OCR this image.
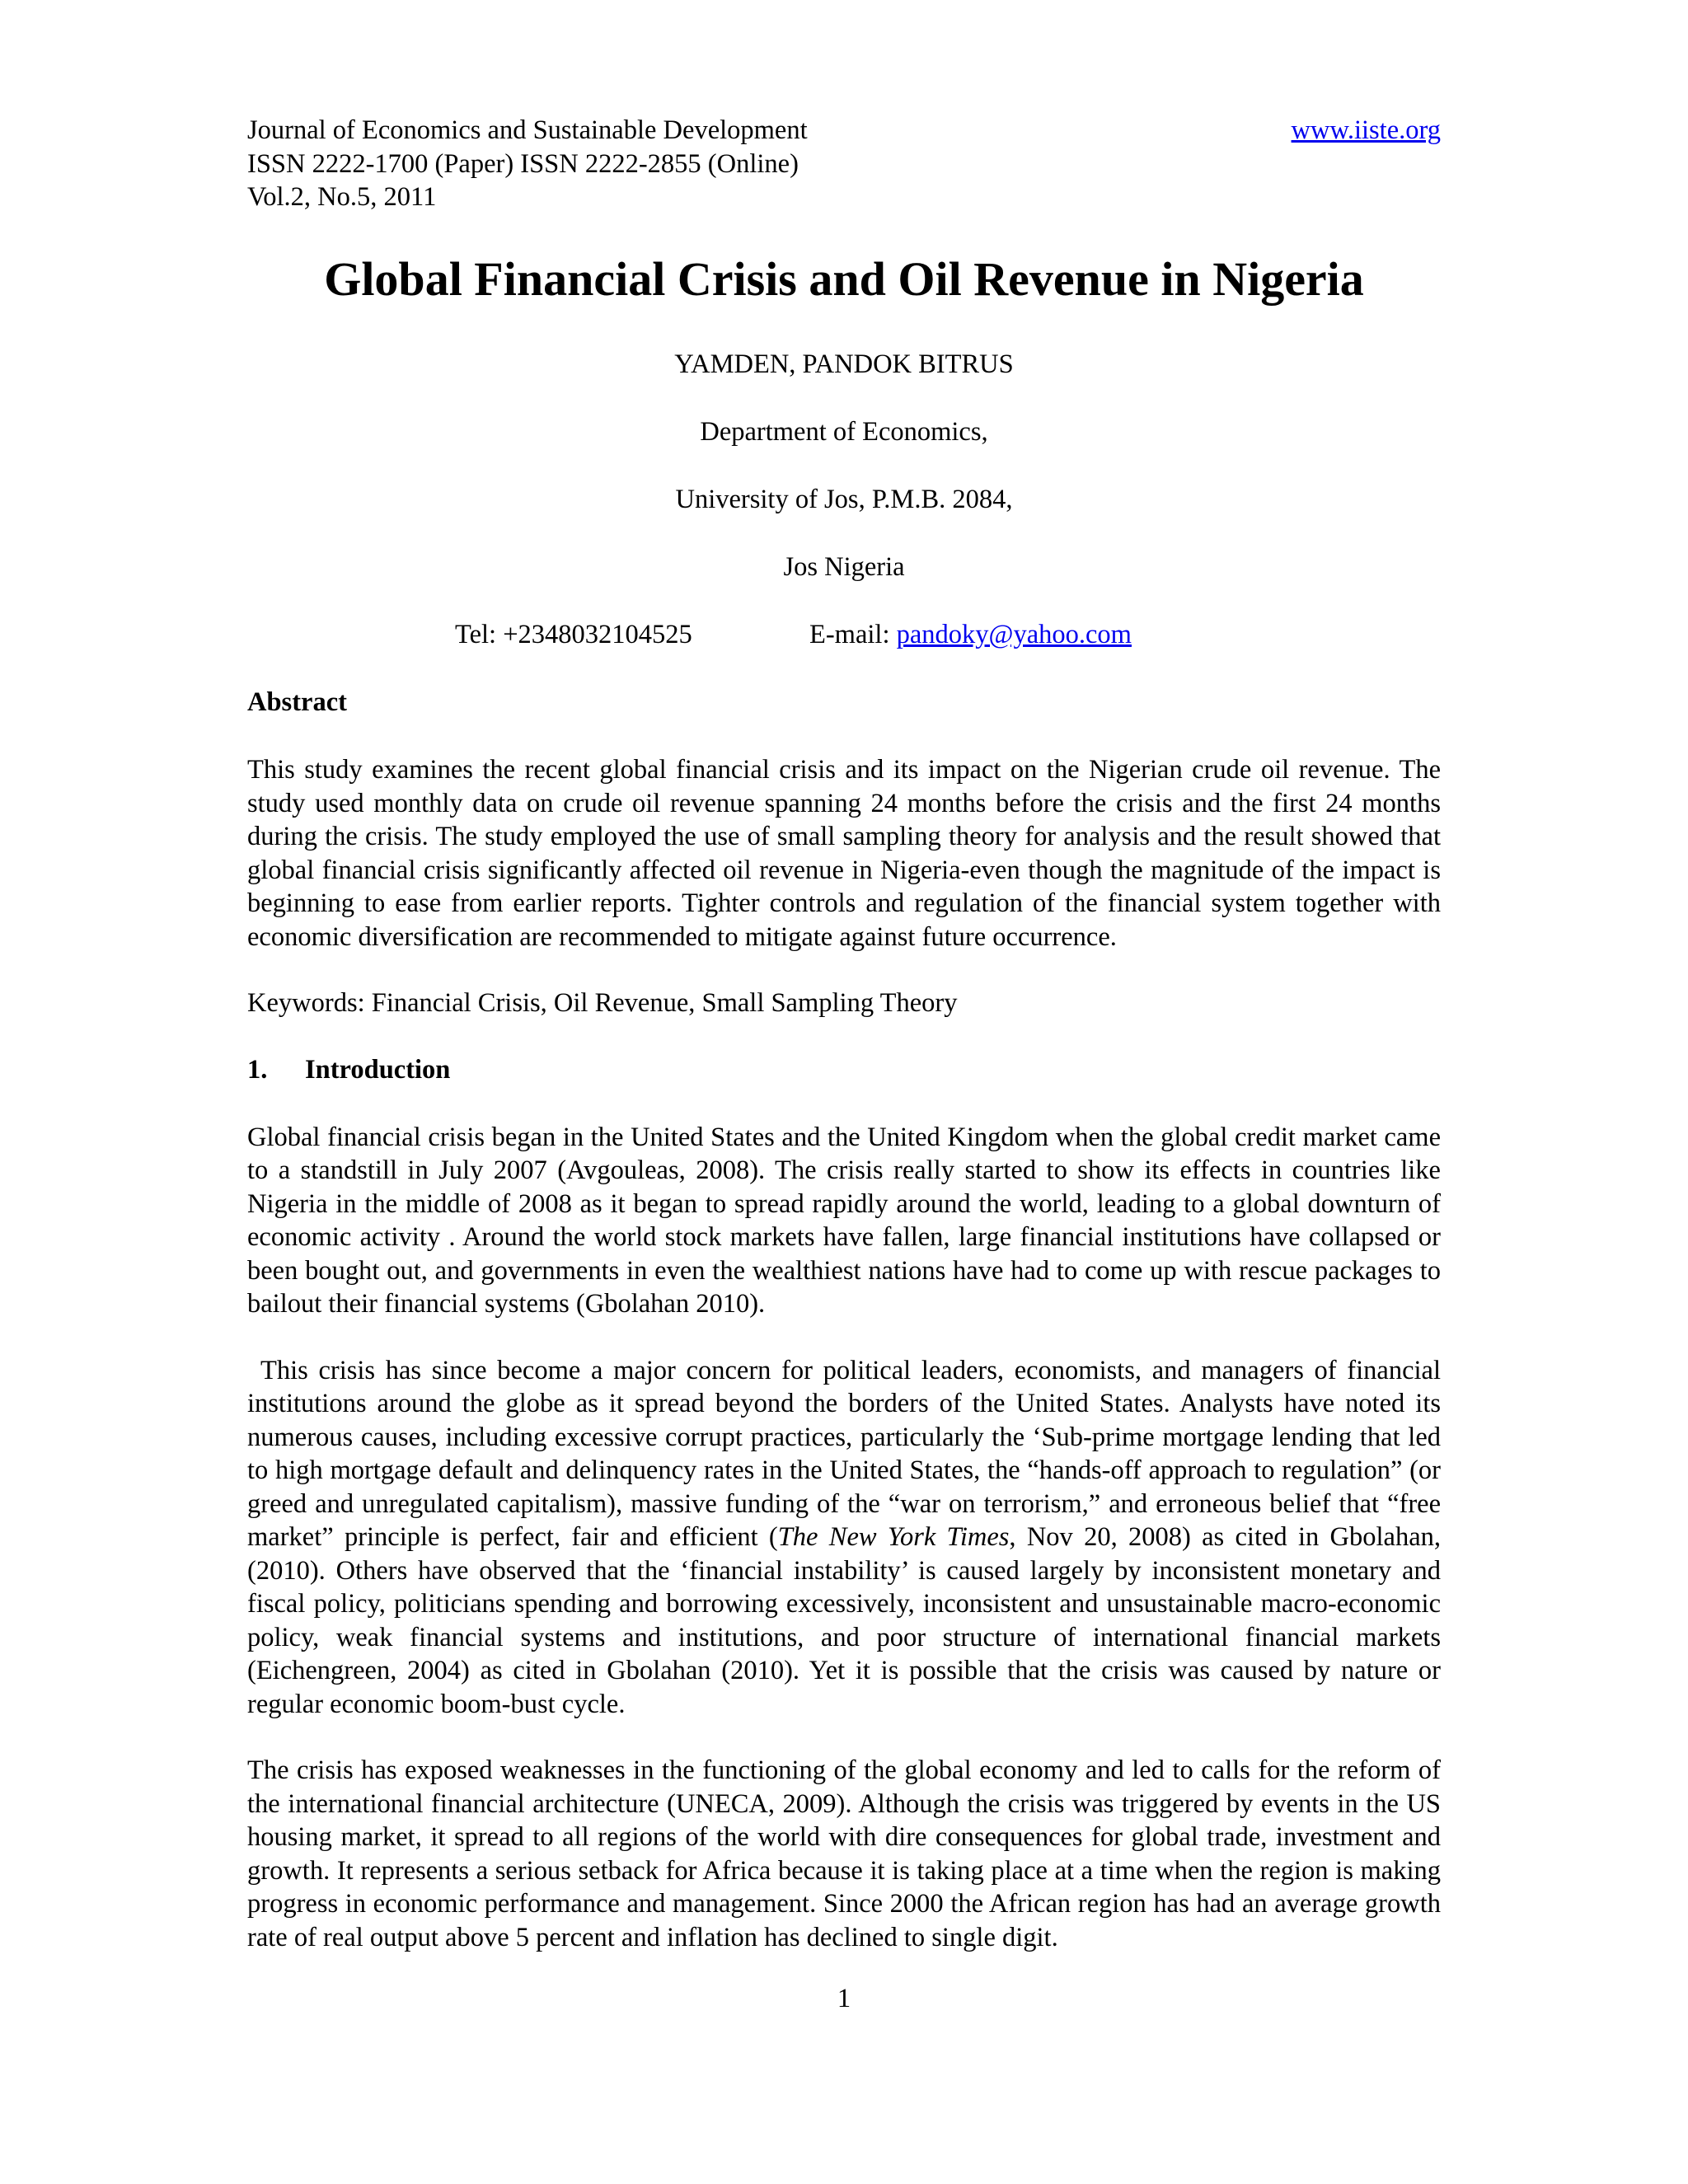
Journal of Economics and Sustainable Development
ISSN 2222-1700 (Paper) ISSN 2222-2855 (Online)
Vol.2, No.5, 2011
www.iiste.org
Global Financial Crisis and Oil Revenue in Nigeria
YAMDEN, PANDOK BITRUS
Department of Economics,
University of Jos, P.M.B. 2084,
Jos Nigeria
Tel: +2348032104525	E-mail: pandoky@yahoo.com
Abstract

This study examines the recent global financial crisis and its impact on the Nigerian crude oil revenue. The study used monthly data on crude oil revenue spanning 24 months before the crisis and the first 24 months during the crisis. The study employed the use of small sampling theory for analysis and the result showed that global financial crisis significantly affected oil revenue in Nigeria-even though the magnitude of the impact is beginning to ease from earlier reports. Tighter controls and regulation of the financial system together with economic diversification are recommended to mitigate against future occurrence.

Keywords: Financial Crisis, Oil Revenue, Small Sampling Theory

1. Introduction

Global financial crisis began in the United States and the United Kingdom when the global credit market came to a standstill in July 2007 (Avgouleas, 2008). The crisis really started to show its effects in countries like Nigeria in the middle of 2008 as it began to spread rapidly around the world, leading to a global downturn of economic activity . Around the world stock markets have fallen, large financial institutions have collapsed or been bought out, and governments in even the wealthiest nations have had to come up with rescue packages to bailout their financial systems (Gbolahan 2010).

This crisis has since become a major concern for political leaders, economists, and managers of financial institutions around the globe as it spread beyond the borders of the United States. Analysts have noted its numerous causes, including excessive corrupt practices, particularly the ‘Sub-prime mortgage lending that led to high mortgage default and delinquency rates in the United States, the “hands-off approach to regulation” (or greed and unregulated capitalism), massive funding of the “war on terrorism,” and erroneous belief that “free market” principle is perfect, fair and efficient (The New York Times, Nov 20, 2008) as cited in Gbolahan, (2010). Others have observed that the ‘financial instability’ is caused largely by inconsistent monetary and fiscal policy, politicians spending and borrowing excessively, inconsistent and unsustainable macro-economic policy, weak financial systems and institutions, and poor structure of international financial markets (Eichengreen, 2004) as cited in Gbolahan (2010). Yet it is possible that the crisis was caused by nature or regular economic boom-bust cycle.

The crisis has exposed weaknesses in the functioning of the global economy and led to calls for the reform of the international financial architecture (UNECA, 2009). Although the crisis was triggered by events in the US housing market, it spread to all regions of the world with dire consequences for global trade, investment and growth. It represents a serious setback for Africa because it is taking place at a time when the region is making progress in economic performance and management. Since 2000 the African region has had an average growth rate of real output above 5 percent and inflation has declined to single digit.

1
